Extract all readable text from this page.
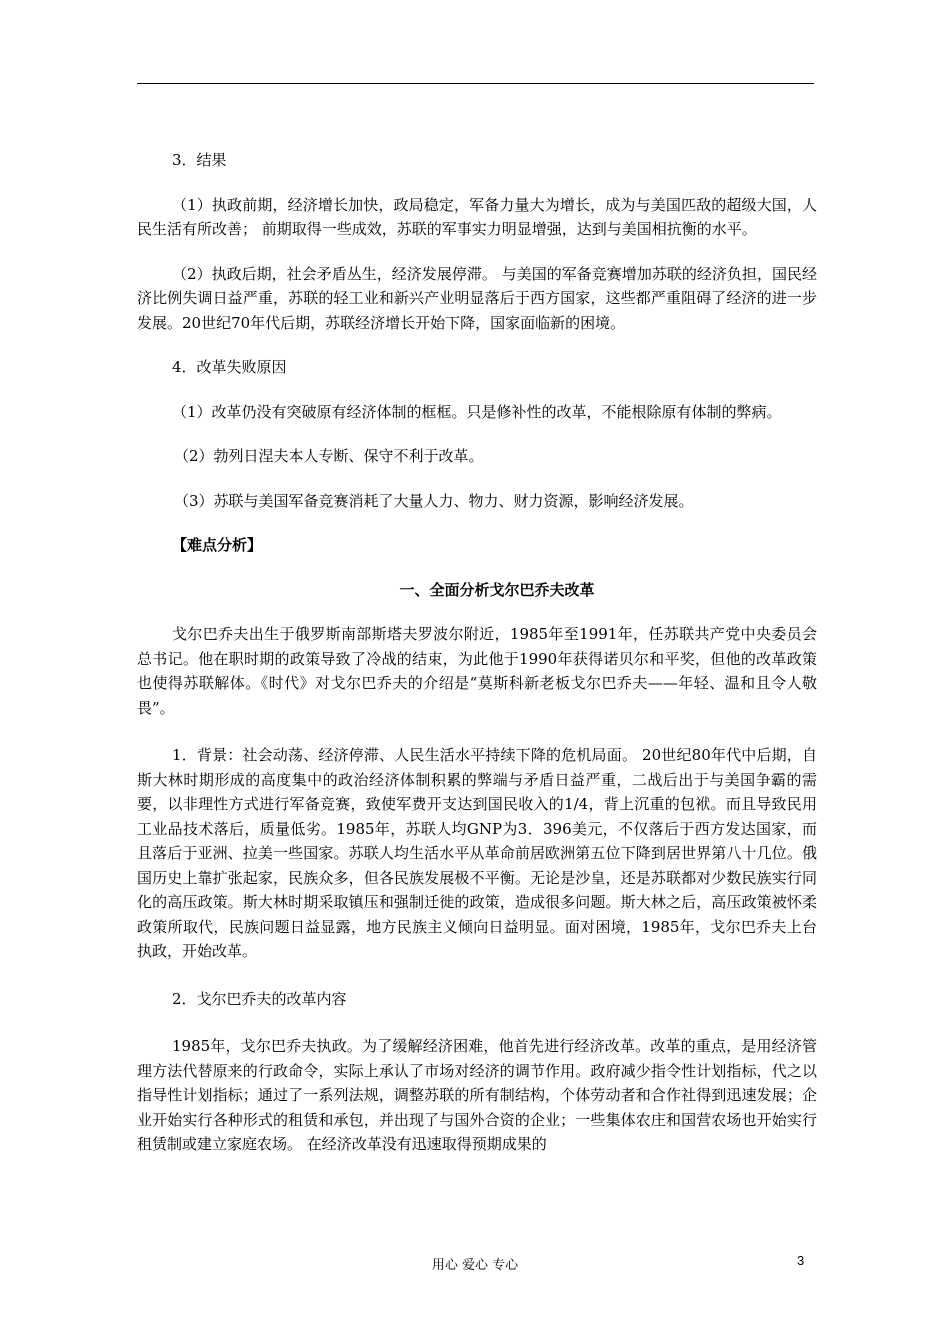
3．结果

（1）执政前期，经济增长加快，政局稳定，军备力量大为增长，成为与美国匹敌的超级大国，人民生活有所改善； 前期取得一些成效，苏联的军事实力明显增强，达到与美国相抗衡的水平。

（2）执政后期，社会矛盾丛生，经济发展停滞。 与美国的军备竞赛增加苏联的经济负担，国民经济比例失调日益严重，苏联的轻工业和新兴产业明显落后于西方国家，这些都严重阻碍了经济的进一步发展。20世纪70年代后期，苏联经济增长开始下降，国家面临新的困境。

4．改革失败原因

（1）改革仍没有突破原有经济体制的框框。只是修补性的改革，不能根除原有体制的弊病。

（2）勃列日涅夫本人专断、保守不利于改革。

（3）苏联与美国军备竞赛消耗了大量人力、物力、财力资源，影响经济发展。

【难点分析】

一、全面分析戈尔巴乔夫改革

戈尔巴乔夫出生于俄罗斯南部斯塔夫罗波尔附近，1985年至1991年，任苏联共产党中央委员会总书记。他在职时期的政策导致了冷战的结束，为此他于1990年获得诺贝尔和平奖，但他的改革政策也使得苏联解体。《时代》对戈尔巴乔夫的介绍是“莫斯科新老板戈尔巴乔夫——年轻、温和且令人敬畏”。

1．背景：社会动荡、经济停滞、人民生活水平持续下降的危机局面。 20世纪80年代中后期，自斯大林时期形成的高度集中的政治经济体制积累的弊端与矛盾日益严重，二战后出于与美国争霸的需要，以非理性方式进行军备竞赛，致使军费开支达到国民收入的1/4，背上沉重的包袱。而且导致民用工业品技术落后，质量低劣。1985年，苏联人均GNP为3．396美元，不仅落后于西方发达国家，而且落后于亚洲、拉美一些国家。苏联人均生活水平从革命前居欧洲第五位下降到居世界第八十几位。俄国历史上靠扩张起家，民族众多，但各民族发展极不平衡。无论是沙皇，还是苏联都对少数民族实行同化的高压政策。斯大林时期采取镇压和强制迁徙的政策，造成很多问题。斯大林之后，高压政策被怀柔政策所取代，民族问题日益显露，地方民族主义倾向日益明显。面对困境，1985年，戈尔巴乔夫上台执政，开始改革。

2．戈尔巴乔夫的改革内容

1985年，戈尔巴乔夫执政。为了缓解经济困难，他首先进行经济改革。改革的重点，是用经济管理方法代替原来的行政命令，实际上承认了市场对经济的调节作用。政府减少指令性计划指标，代之以指导性计划指标；通过了一系列法规，调整苏联的所有制结构，个体劳动者和合作社得到迅速发展；企业开始实行各种形式的租赁和承包，并出现了与国外合资的企业；一些集体农庄和国营农场也开始实行租赁制或建立家庭农场。 在经济改革没有迅速取得预期成果的

用心 爱心 专心	3
